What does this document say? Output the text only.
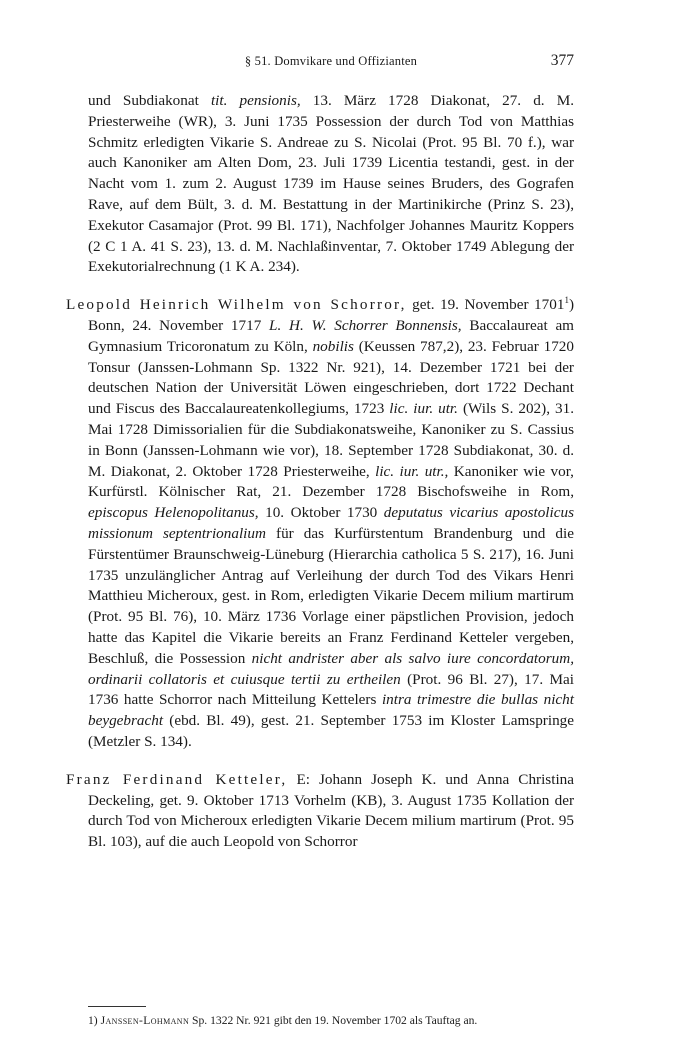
§ 51. Domvikare und Offizianten	377

und Subdiakonat tit. pensionis, 13. März 1728 Diakonat, 27. d. M. Priesterweihe (WR), 3. Juni 1735 Possession der durch Tod von Matthias Schmitz erledigten Vikarie S. Andreae zu S. Nicolai (Prot. 95 Bl. 70 f.), war auch Kanoniker am Alten Dom, 23. Juli 1739 Licentia testandi, gest. in der Nacht vom 1. zum 2. August 1739 im Hause seines Bruders, des Gografen Rave, auf dem Bült, 3. d. M. Bestattung in der Martinikirche (Prinz S. 23), Exekutor Casamajor (Prot. 99 Bl. 171), Nachfolger Johannes Mauritz Koppers (2 C 1 A. 41 S. 23), 13. d. M. Nachlaßinventar, 7. Oktober 1749 Ablegung der Exekutorialrechnung (1 K A. 234).

Leopold Heinrich Wilhelm von Schorror, get. 19. November 1701$^1$) Bonn, 24. November 1717 L. H. W. Schorrer Bonnensis, Baccalaureat am Gymnasium Tricoronatum zu Köln, nobilis (Keussen 787,2), 23. Februar 1720 Tonsur (Janssen-Lohmann Sp. 1322 Nr. 921), 14. Dezember 1721 bei der deutschen Nation der Universität Löwen eingeschrieben, dort 1722 Dechant und Fiscus des Baccalaureatenkollegiums, 1723 lic. iur. utr. (Wils S. 202), 31. Mai 1728 Dimissorialien für die Subdiakonatsweihe, Kanoniker zu S. Cassius in Bonn (Janssen-Lohmann wie vor), 18. September 1728 Subdiakonat, 30. d. M. Diakonat, 2. Oktober 1728 Priesterweihe, lic. iur. utr., Kanoniker wie vor, Kurfürstl. Kölnischer Rat, 21. Dezember 1728 Bischofsweihe in Rom, episcopus Helenopolitanus, 10. Oktober 1730 deputatus vicarius apostolicus missionum septentrionalium für das Kurfürstentum Brandenburg und die Fürstentümer Braunschweig-Lüneburg (Hierarchia catholica 5 S. 217), 16. Juni 1735 unzulänglicher Antrag auf Verleihung der durch Tod des Vikars Henri Matthieu Micheroux, gest. in Rom, erledigten Vikarie Decem milium martirum (Prot. 95 Bl. 76), 10. März 1736 Vorlage einer päpstlichen Provision, jedoch hatte das Kapitel die Vikarie bereits an Franz Ferdinand Ketteler vergeben, Beschluß, die Possession nicht andrister aber als salvo iure concordatorum, ordinarii collatoris et cuiusque tertii zu ertheilen (Prot. 96 Bl. 27), 17. Mai 1736 hatte Schorror nach Mitteilung Kettelers intra trimestre die bullas nicht beygebracht (ebd. Bl. 49), gest. 21. September 1753 im Kloster Lamspringe (Metzler S. 134).

Franz Ferdinand Ketteler, E: Johann Joseph K. und Anna Christina Deckeling, get. 9. Oktober 1713 Vorhelm (KB), 3. August 1735 Kollation der durch Tod von Micheroux erledigten Vikarie Decem milium martirum (Prot. 95 Bl. 103), auf die auch Leopold von Schorror

1) Janssen-Lohmann Sp. 1322 Nr. 921 gibt den 19. November 1702 als Tauftag an.
